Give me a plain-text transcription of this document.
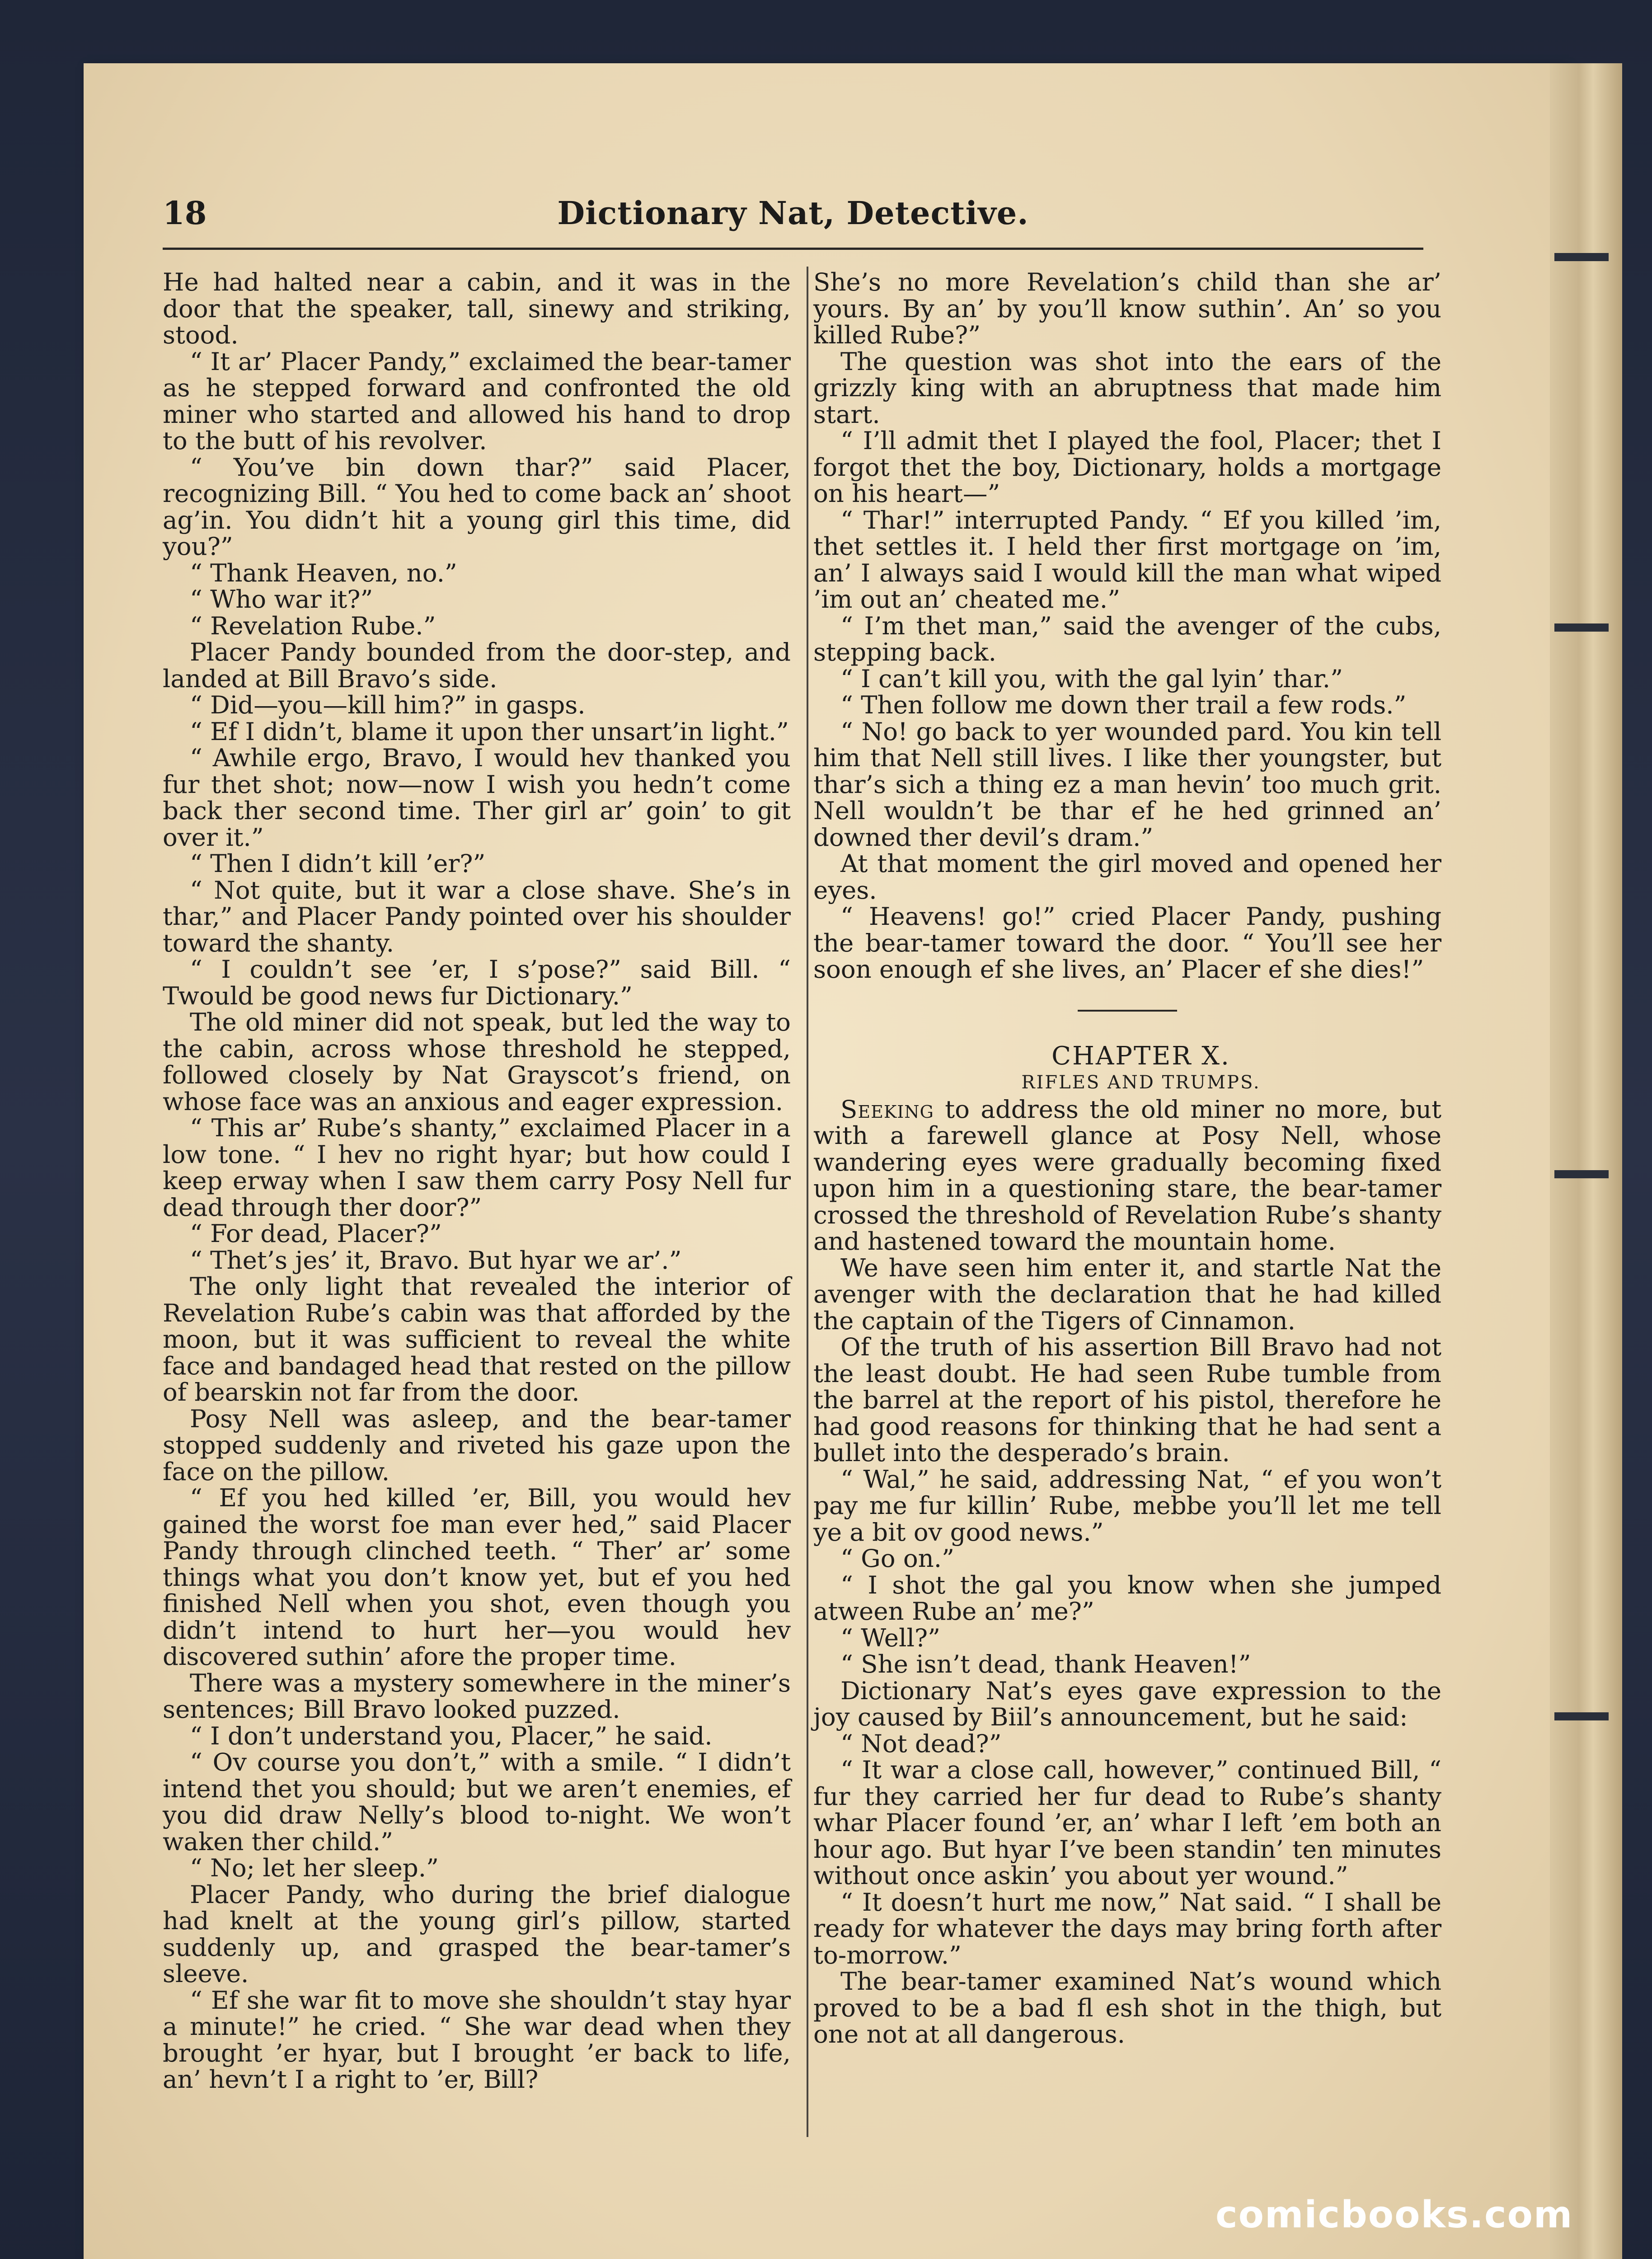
18	Dictionary Nat, Detective.

He had halted near a cabin, and it was in the door that the speaker, tall, sinewy and striking, stood.

“ It ar’ Placer Pandy,” exclaimed the bear-tamer as he stepped forward and confronted the old miner who started and allowed his hand to drop to the butt of his revolver.

“ You’ve bin down thar?” said Placer, recognizing Bill. “ You hed to come back an’ shoot ag’in. You didn’t hit a young girl this time, did you?”

“ Thank Heaven, no.”

“ Who war it?”

“ Revelation Rube.”

Placer Pandy bounded from the door-step, and landed at Bill Bravo’s side.

“ Did—you—kill him?” in gasps.

“ Ef I didn’t, blame it upon ther unsart’in light.”

“ Awhile ergo, Bravo, I would hev thanked you fur thet shot; now—now I wish you hedn’t come back ther second time. Ther girl ar’ goin’ to git over it.”

“ Then I didn’t kill ’er?”

“ Not quite, but it war a close shave. She’s in thar,” and Placer Pandy pointed over his shoulder toward the shanty.

“ I couldn’t see ’er, I s’pose?” said Bill. “ Twould be good news fur Dictionary.”

The old miner did not speak, but led the way to the cabin, across whose threshold he stepped, followed closely by Nat Grayscot’s friend, on whose face was an anxious and eager expression.

“ This ar’ Rube’s shanty,” exclaimed Placer in a low tone. “ I hev no right hyar; but how could I keep erway when I saw them carry Posy Nell fur dead through ther door?”

“ For dead, Placer?”

“ Thet’s jes’ it, Bravo. But hyar we ar’.”

The only light that revealed the interior of Revelation Rube’s cabin was that afforded by the moon, but it was sufficient to reveal the white face and bandaged head that rested on the pillow of bearskin not far from the door.

Posy Nell was asleep, and the bear-tamer stopped suddenly and riveted his gaze upon the face on the pillow.

“ Ef you hed killed ’er, Bill, you would hev gained the worst foe man ever hed,” said Placer Pandy through clinched teeth. “ Ther’ ar’ some things what you don’t know yet, but ef you hed finished Nell when you shot, even though you didn’t intend to hurt her—you would hev discovered suthin’ afore the proper time.

There was a mystery somewhere in the miner’s sentences; Bill Bravo looked puzzed.

“ I don’t understand you, Placer,” he said.

“ Ov course you don’t,” with a smile. “ I didn’t intend thet you should; but we aren’t enemies, ef you did draw Nelly’s blood to-night. We won’t waken ther child.”

“ No; let her sleep.”

Placer Pandy, who during the brief dialogue had knelt at the young girl’s pillow, started suddenly up, and grasped the bear-tamer’s sleeve.

“ Ef she war fit to move she shouldn’t stay hyar a minute!” he cried. “ She war dead when they brought ’er hyar, but I brought ’er back to life, an’ hevn’t I a right to ’er, Bill?

She’s no more Revelation’s child than she ar’ yours. By an’ by you’ll know suthin’. An’ so you killed Rube?”

The question was shot into the ears of the grizzly king with an abruptness that made him start.

“ I’ll admit thet I played the fool, Placer; thet I forgot thet the boy, Dictionary, holds a mortgage on his heart—”

“ Thar!” interrupted Pandy. “ Ef you killed ’im, thet settles it. I held ther first mortgage on ’im, an’ I always said I would kill the man what wiped ’im out an’ cheated me.”

“ I’m thet man,” said the avenger of the cubs, stepping back.

“ I can’t kill you, with the gal lyin’ thar.”

“ Then follow me down ther trail a few rods.”

“ No! go back to yer wounded pard. You kin tell him that Nell still lives. I like ther youngster, but thar’s sich a thing ez a man hevin’ too much grit. Nell wouldn’t be thar ef he hed grinned an’ downed ther devil’s dram.”

At that moment the girl moved and opened her eyes.

“ Heavens! go!” cried Placer Pandy, pushing the bear-tamer toward the door. “ You’ll see her soon enough ef she lives, an’ Placer ef she dies!”

CHAPTER X.

RIFLES AND TRUMPS.

Seeking to address the old miner no more, but with a farewell glance at Posy Nell, whose wandering eyes were gradually becoming fixed upon him in a questioning stare, the bear-tamer crossed the threshold of Revelation Rube’s shanty and hastened toward the mountain home.

We have seen him enter it, and startle Nat the avenger with the declaration that he had killed the captain of the Tigers of Cinnamon.

Of the truth of his assertion Bill Bravo had not the least doubt. He had seen Rube tumble from the barrel at the report of his pistol, therefore he had good reasons for thinking that he had sent a bullet into the desperado’s brain.

“ Wal,” he said, addressing Nat, “ ef you won’t pay me fur killin’ Rube, mebbe you’ll let me tell ye a bit ov good news.”

“ Go on.”

“ I shot the gal you know when she jumped atween Rube an’ me?”

“ Well?”

“ She isn’t dead, thank Heaven!”

Dictionary Nat’s eyes gave expression to the joy caused by Biil’s announcement, but he said:

“ Not dead?”

“ It war a close call, however,” continued Bill, “ fur they carried her fur dead to Rube’s shanty whar Placer found ’er, an’ whar I left ’em both an hour ago. But hyar I’ve been standin’ ten minutes without once askin’ you about yer wound.”

“ It doesn’t hurt me now,” Nat said. “ I shall be ready for whatever the days may bring forth after to-morrow.”

The bear-tamer examined Nat’s wound which proved to be a bad fl esh shot in the thigh, but one not at all dangerous.

comicbooks.com
